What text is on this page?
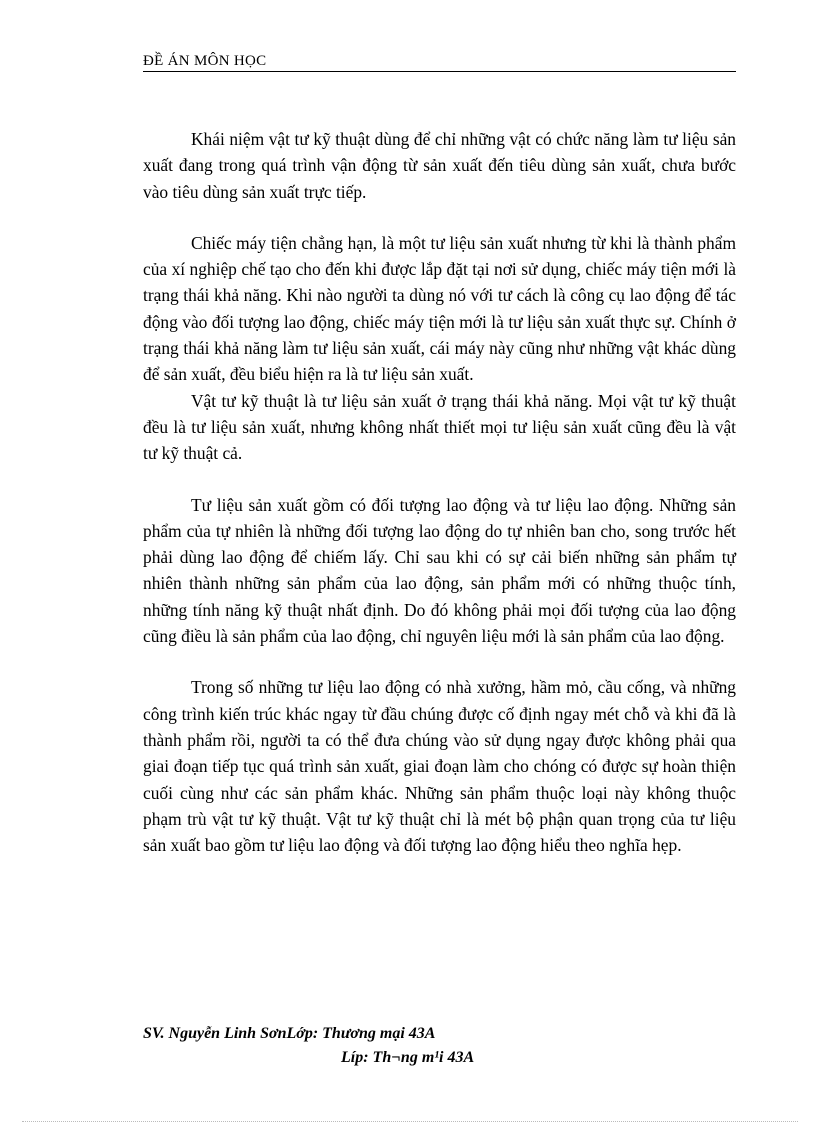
ĐỀ ÁN MÔN HỌC

Khái niệm vật tư kỹ thuật dùng để chỉ những vật có chức năng làm tư liệu sản xuất đang trong quá trình vận động từ sản xuất đến tiêu dùng sản xuất, chưa bước vào tiêu dùng sản xuất trực tiếp.

Chiếc máy tiện chẳng hạn, là một tư liệu sản xuất nhưng từ khi là thành phẩm của xí nghiệp chế tạo cho đến khi được lắp đặt tại nơi sử dụng, chiếc máy tiện mới là trạng thái khả năng. Khi nào người ta dùng nó với tư cách là công cụ lao động để tác động vào đối tượng lao động, chiếc máy tiện mới là tư liệu sản xuất thực sự. Chính ở trạng thái khả năng làm tư liệu sản xuất, cái máy này cũng như những vật khác dùng để sản xuất, đều biểu hiện ra là tư liệu sản xuất.

Vật tư kỹ thuật là tư liệu sản xuất ở trạng thái khả năng. Mọi vật tư kỹ thuật đều là tư liệu sản xuất, nhưng không nhất thiết mọi tư liệu sản xuất cũng đều là vật tư kỹ thuật cả.

Tư liệu sản xuất gồm có đối tượng lao động và tư liệu lao động. Những sản phẩm của tự nhiên là những đối tượng lao động do tự nhiên ban cho, song trước hết phải dùng lao động để chiếm lấy. Chỉ sau khi có sự cải biến những sản phẩm tự nhiên thành những sản phẩm của lao động, sản phẩm mới có những thuộc tính, những tính năng kỹ thuật nhất định. Do đó không phải mọi đối tượng của lao động cũng điều là sản phẩm của lao động, chỉ nguyên liệu mới là sản phẩm của lao động.

Trong số những tư liệu lao động có nhà xưởng, hầm mỏ, cầu cống, và những công trình kiến trúc khác ngay từ đầu chúng được cố định ngay mét chỗ và khi đã là thành phẩm rồi, người ta có thể đưa chúng vào sử dụng ngay được không phải qua giai đoạn tiếp tục quá trình sản xuất, giai đoạn làm cho chóng có được sự hoàn thiện cuối cùng như các sản phẩm khác. Những sản phẩm thuộc loại này không thuộc phạm trù vật tư kỹ thuật. Vật tư kỹ thuật chỉ là mét bộ phận quan trọng của tư liệu sản xuất bao gồm tư liệu lao động và đối tượng lao động hiểu theo nghĩa hẹp.

SV. Nguyễn Linh SơnLớp: Thương mại 43A
Líp: Th¬ng m¹i 43A
